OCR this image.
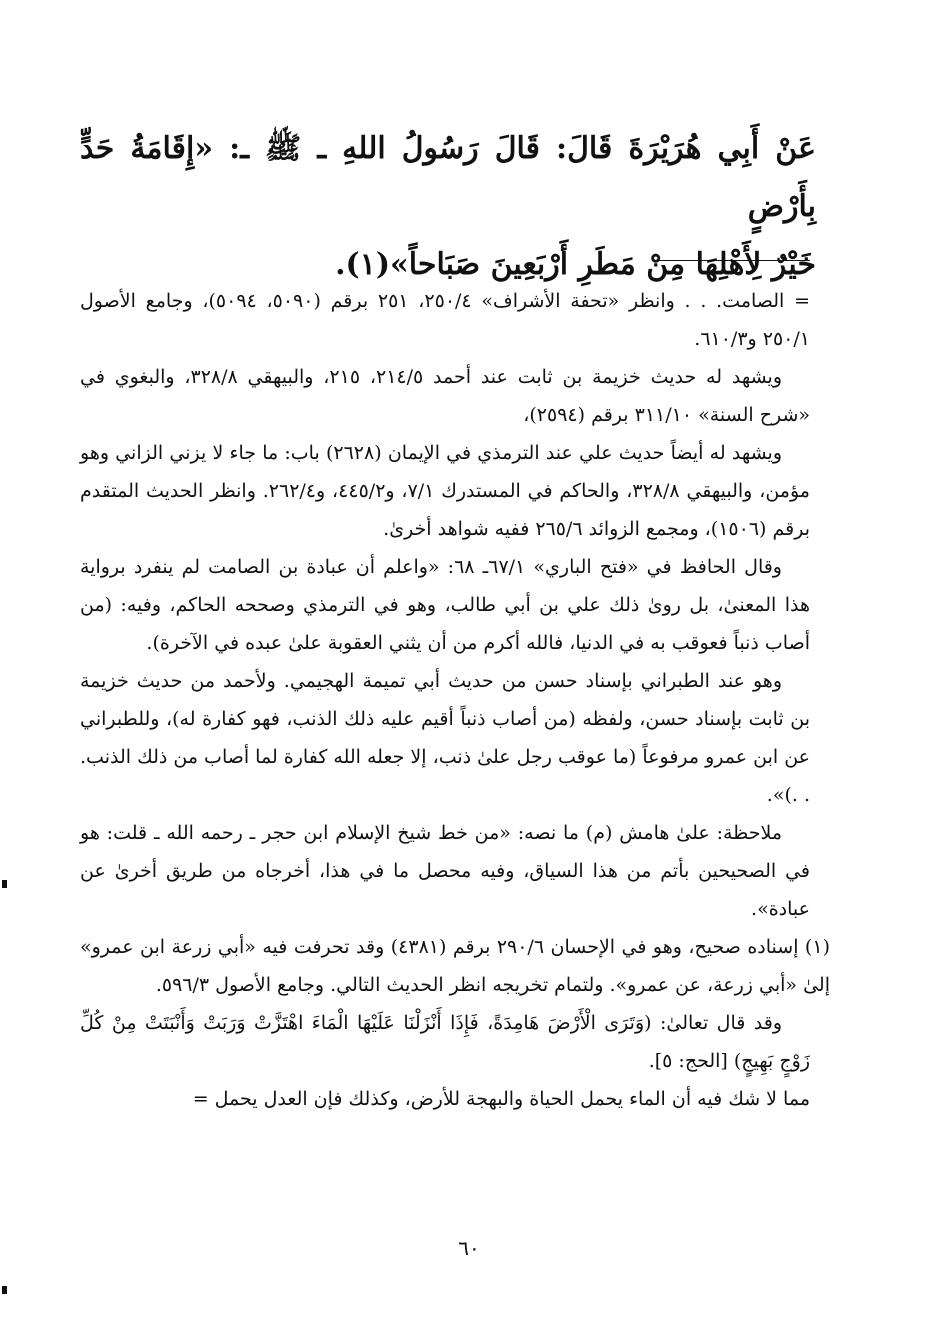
عَنْ أَبِي هُرَيْرَةَ قَالَ: قَالَ رَسُولُ اللهِ ـ ﷺ ـ: «إِقَامَةُ حَدٍّ بِأَرْضٍ

خَيْرٌ لِأَهْلِهَا مِنْ مَطَرِ أَرْبَعِينَ صَبَاحاً»(١).

= الصامت. . . وانظر «تحفة الأشراف» ٢٥٠/٤، ٢٥١ برقم (٥٠٩٠، ٥٠٩٤)، وجامع الأصول ٢٥٠/١ و٦١٠/٣.

ويشهد له حديث خزيمة بن ثابت عند أحمد ٢١٤/٥، ٢١٥، والبيهقي ٣٢٨/٨، والبغوي في «شرح السنة» ٣١١/١٠ برقم (٢٥٩٤)،

ويشهد له أيضاً حديث علي عند الترمذي في الإيمان (٢٦٢٨) باب: ما جاء لا يزني الزاني وهو مؤمن، والبيهقي ٣٢٨/٨، والحاكم في المستدرك ٧/١، و٤٤٥/٢، و٢٦٢/٤. وانظر الحديث المتقدم برقم (١٥٠٦)، ومجمع الزوائد ٢٦٥/٦ ففيه شواهد أخرىٰ.

وقال الحافظ في «فتح الباري» ٦٧/١ـ ٦٨: «واعلم أن عبادة بن الصامت لم ينفرد برواية هذا المعنىٰ، بل روىٰ ذلك علي بن أبي طالب، وهو في الترمذي وصححه الحاكم، وفيه: (من أصاب ذنباً فعوقب به في الدنيا، فالله أكرم من أن يثني العقوبة علىٰ عبده في الآخرة).

وهو عند الطبراني بإسناد حسن من حديث أبي تميمة الهجيمي. ولأحمد من حديث خزيمة بن ثابت بإسناد حسن، ولفظه (من أصاب ذنباً أقيم عليه ذلك الذنب، فهو كفارة له)، وللطبراني عن ابن عمرو مرفوعاً (ما عوقب رجل علىٰ ذنب، إلا جعله الله كفارة لما أصاب من ذلك الذنب. . .)».

ملاحظة: علىٰ هامش (م) ما نصه: «من خط شيخ الإسلام ابن حجر ـ رحمه الله ـ قلت: هو في الصحيحين بأتم من هذا السياق، وفيه محصل ما في هذا، أخرجاه من طريق أخرىٰ عن عبادة».

(١) إسناده صحيح، وهو في الإحسان ٢٩٠/٦ برقم (٤٣٨١) وقد تحرفت فيه «أبي زرعة ابن عمرو» إلىٰ «أبي زرعة، عن عمرو». ولتمام تخريجه انظر الحديث التالي. وجامع الأصول ٥٩٦/٣.

وقد قال تعالىٰ: (وَتَرَى الْأَرْضَ هَامِدَةً، فَإِذَا أَنْزَلْنَا عَلَيْهَا الْمَاءَ اهْتَزَّتْ وَرَبَتْ وَأَنْبَتَتْ مِنْ كُلِّ زَوْجٍ بَهِيجٍ) [الحج: ٥].

مما لا شك فيه أن الماء يحمل الحياة والبهجة للأرض، وكذلك فإن العدل يحمل =

٦٠
